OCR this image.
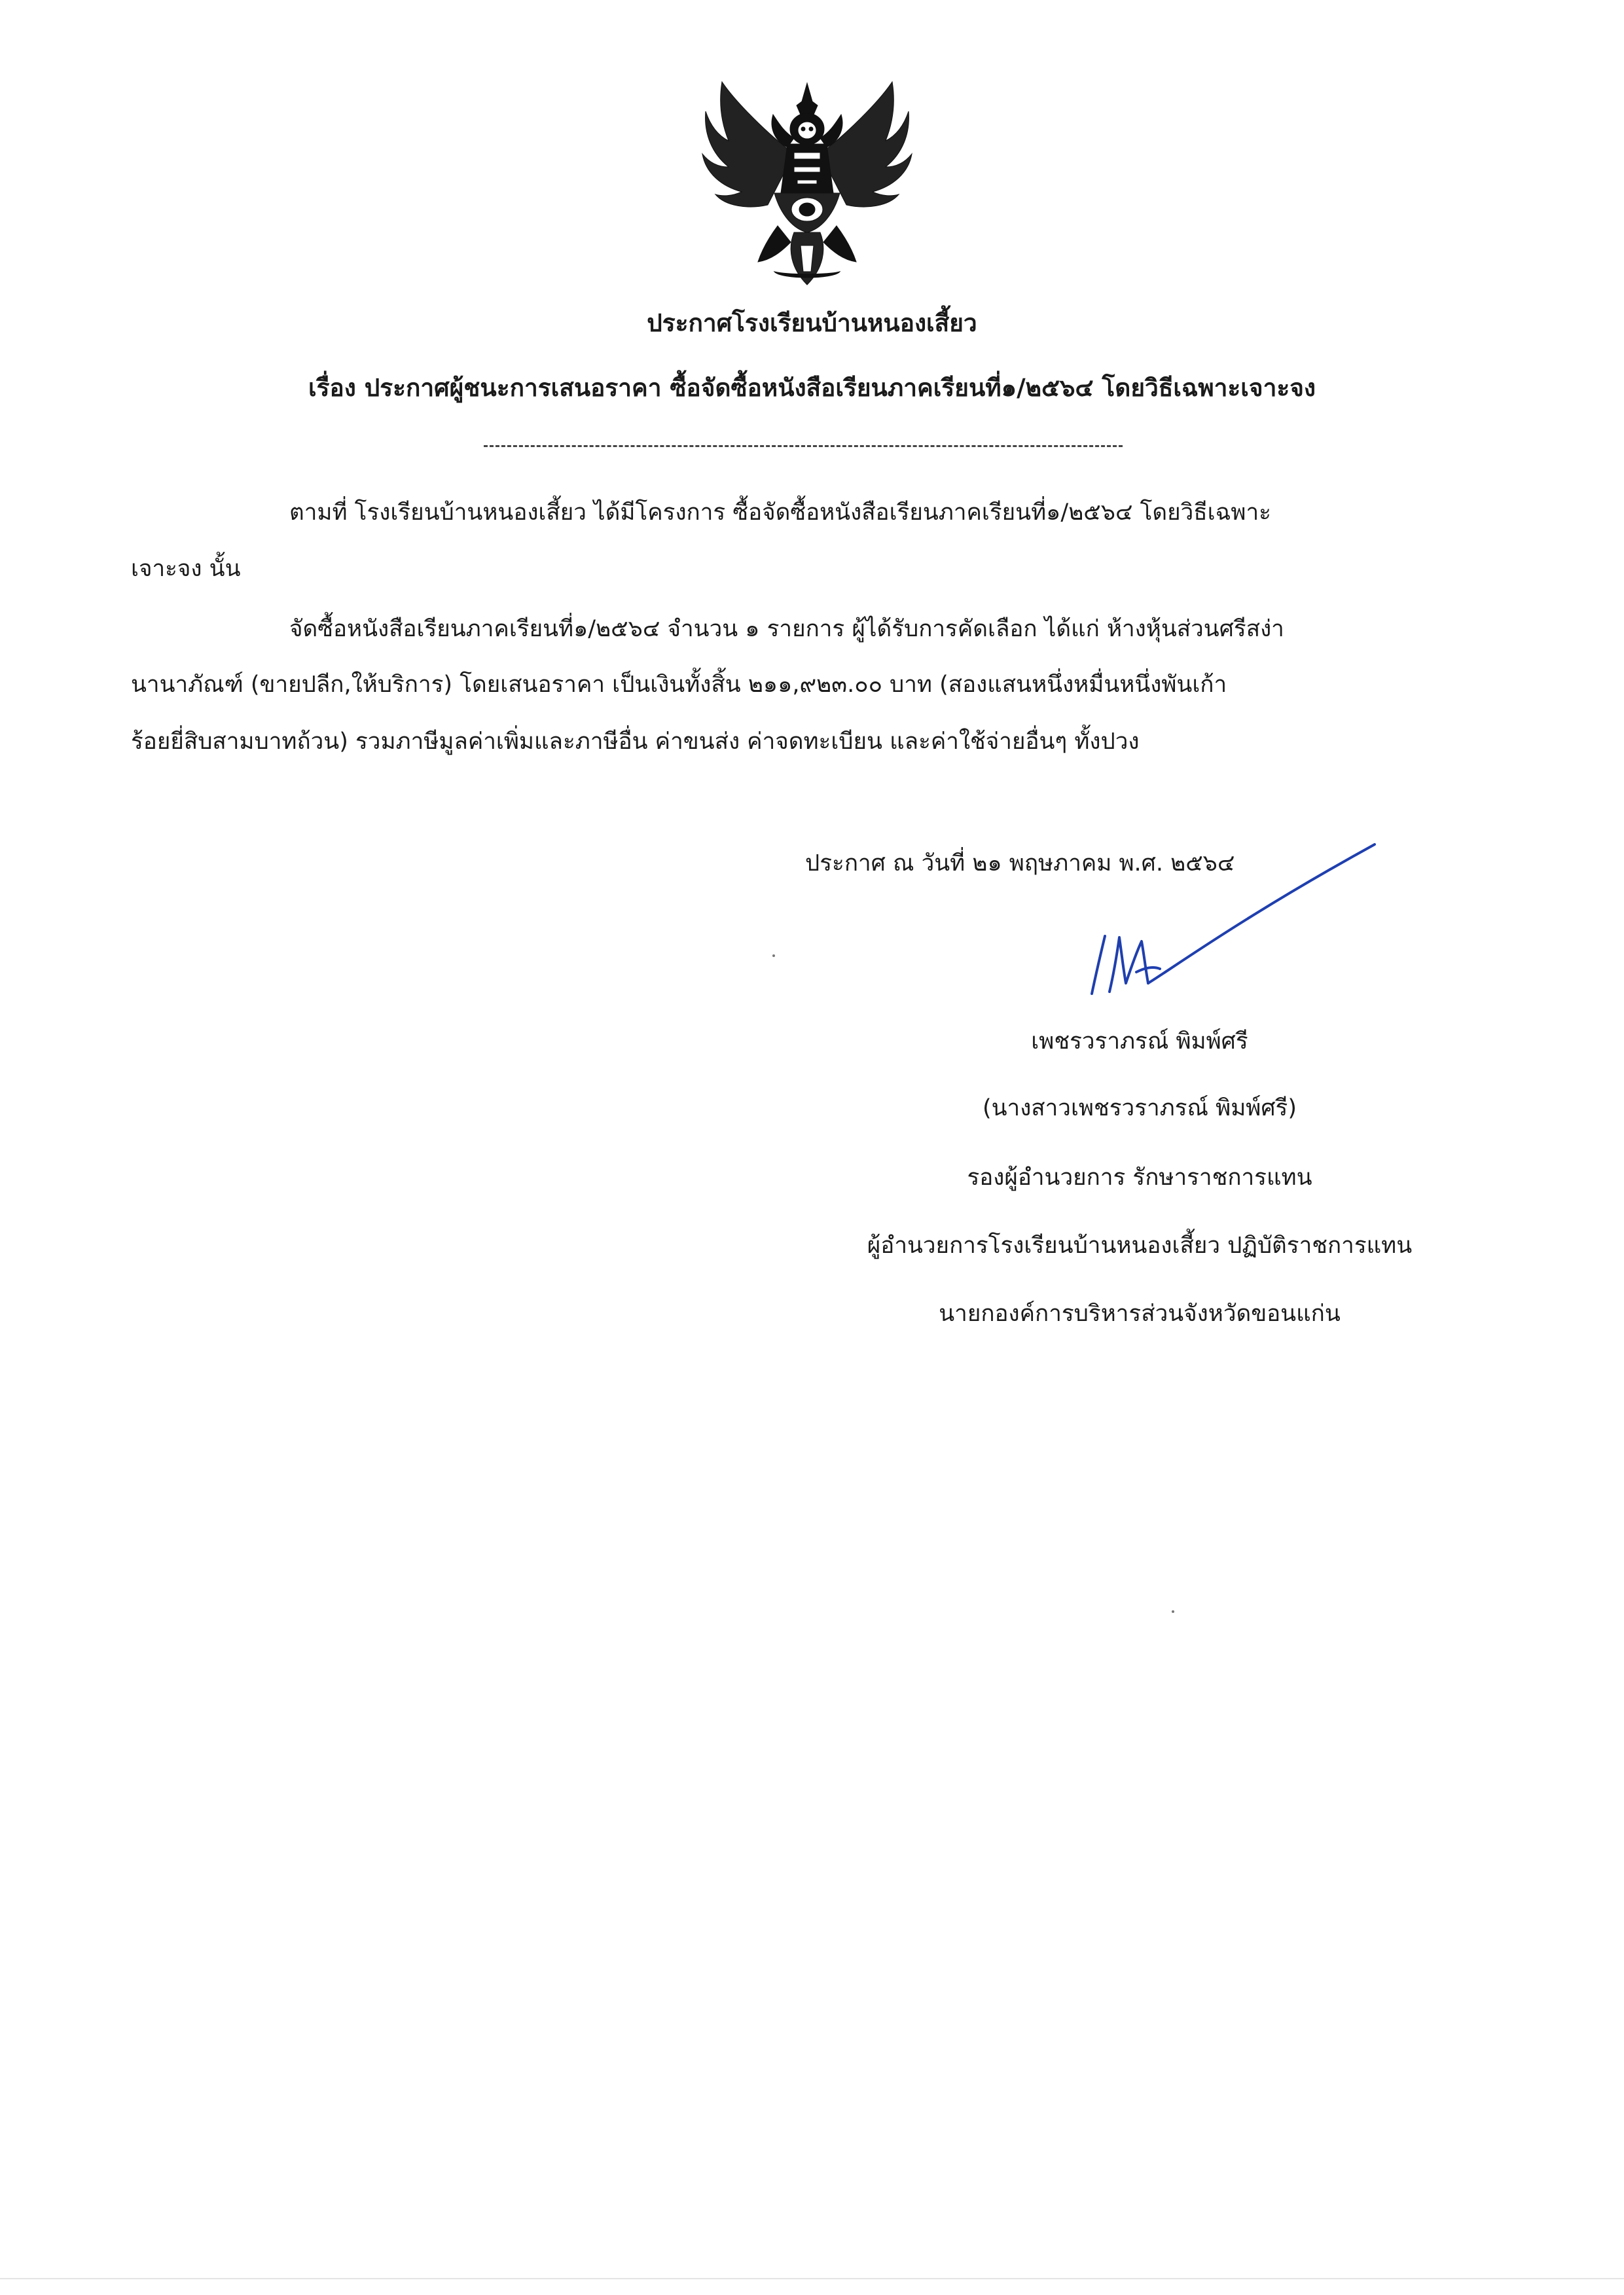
ประกาศโรงเรียนบ้านหนองเสี้ยว
เรื่อง ประกาศผู้ชนะการเสนอราคา ซื้อจัดซื้อหนังสือเรียนภาคเรียนที่๑/๒๕๖๔ โดยวิธีเฉพาะเจาะจง
ตามที่ โรงเรียนบ้านหนองเสี้ยว ได้มีโครงการ ซื้อจัดซื้อหนังสือเรียนภาคเรียนที่๑/๒๕๖๔ โดยวิธีเฉพาะ
เจาะจง นั้น
จัดซื้อหนังสือเรียนภาคเรียนที่๑/๒๕๖๔ จำนวน ๑ รายการ ผู้ได้รับการคัดเลือก ได้แก่ ห้างหุ้นส่วนศรีสง่า
นานาภัณฑ์ (ขายปลีก,ให้บริการ) โดยเสนอราคา เป็นเงินทั้งสิ้น ๒๑๑,๙๒๓.๐๐ บาท (สองแสนหนึ่งหมื่นหนึ่งพันเก้า
ร้อยยี่สิบสามบาทถ้วน) รวมภาษีมูลค่าเพิ่มและภาษีอื่น ค่าขนส่ง ค่าจดทะเบียน และค่าใช้จ่ายอื่นๆ ทั้งปวง
ประกาศ ณ วันที่ ๒๑ พฤษภาคม พ.ศ. ๒๕๖๔
เพชรวราภรณ์ พิมพ์ศรี
(นางสาวเพชรวราภรณ์ พิมพ์ศรี)
รองผู้อำนวยการ รักษาราชการแทน
ผู้อำนวยการโรงเรียนบ้านหนองเสี้ยว ปฏิบัติราชการแทน
นายกองค์การบริหารส่วนจังหวัดขอนแก่น
